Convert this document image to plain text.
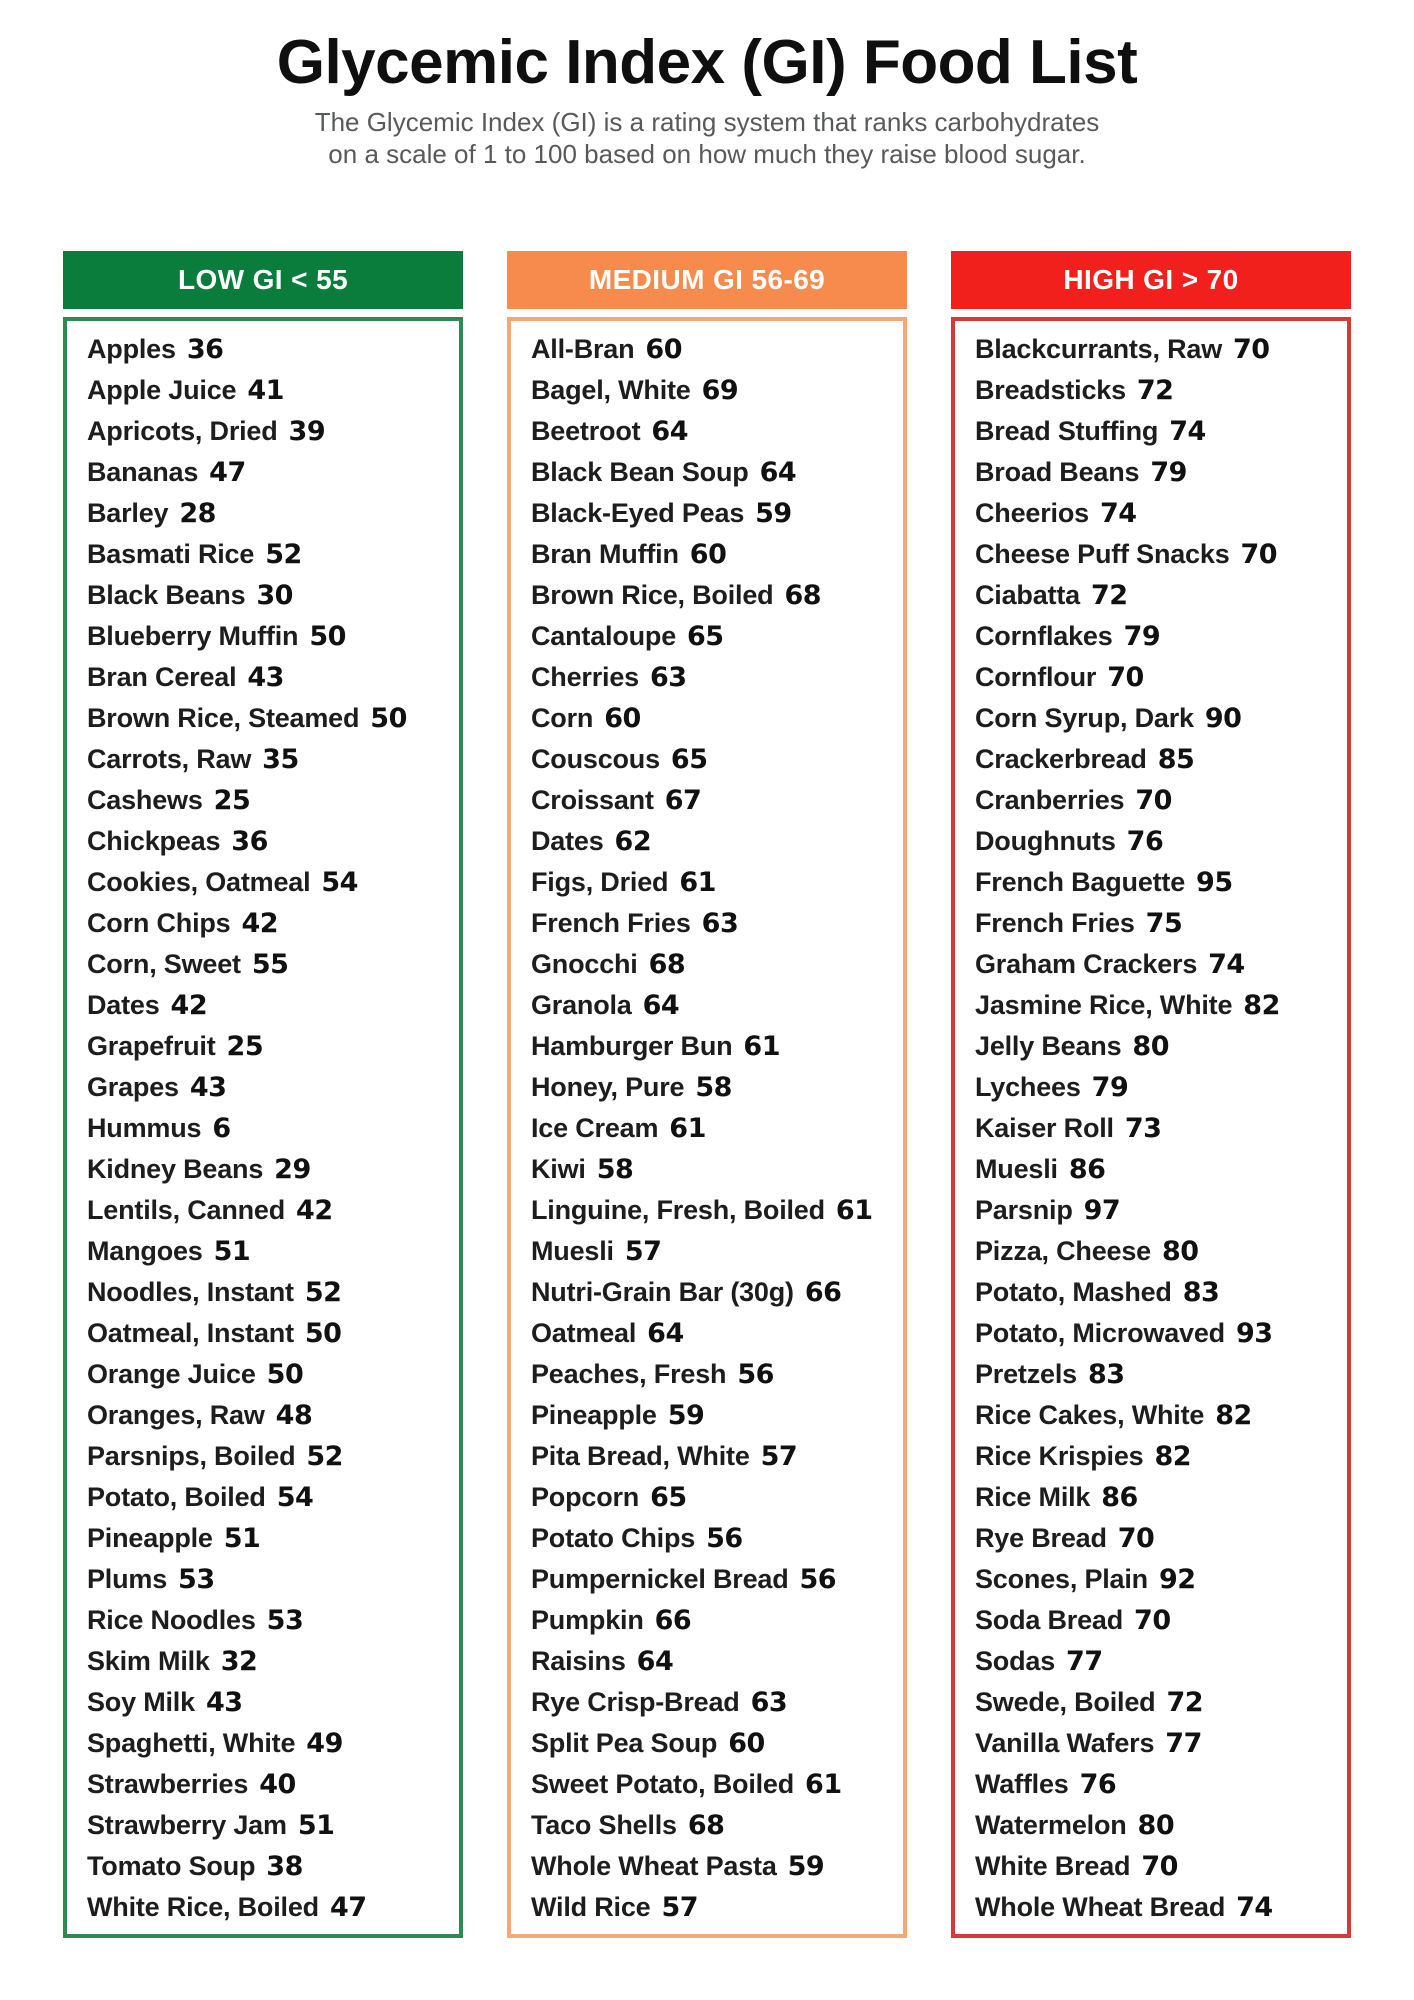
Glycemic Index (GI) Food List
The Glycemic Index (GI) is a rating system that ranks carbohydrates
on a scale of 1 to 100 based on how much they raise blood sugar.
LOW GI < 55
Apples 36
Apple Juice 41
Apricots, Dried 39
Bananas 47
Barley 28
Basmati Rice 52
Black Beans 30
Blueberry Muffin 50
Bran Cereal 43
Brown Rice, Steamed 50
Carrots, Raw 35
Cashews 25
Chickpeas 36
Cookies, Oatmeal 54
Corn Chips 42
Corn, Sweet 55
Dates 42
Grapefruit 25
Grapes 43
Hummus 6
Kidney Beans 29
Lentils, Canned 42
Mangoes 51
Noodles, Instant 52
Oatmeal, Instant 50
Orange Juice 50
Oranges, Raw 48
Parsnips, Boiled 52
Potato, Boiled 54
Pineapple 51
Plums 53
Rice Noodles 53
Skim Milk 32
Soy Milk 43
Spaghetti, White 49
Strawberries 40
Strawberry Jam 51
Tomato Soup 38
White Rice, Boiled 47
MEDIUM GI 56-69
All-Bran 60
Bagel, White 69
Beetroot 64
Black Bean Soup 64
Black-Eyed Peas 59
Bran Muffin 60
Brown Rice, Boiled 68
Cantaloupe 65
Cherries 63
Corn 60
Couscous 65
Croissant 67
Dates 62
Figs, Dried 61
French Fries 63
Gnocchi 68
Granola 64
Hamburger Bun 61
Honey, Pure 58
Ice Cream 61
Kiwi 58
Linguine, Fresh, Boiled 61
Muesli 57
Nutri-Grain Bar (30g) 66
Oatmeal 64
Peaches, Fresh 56
Pineapple 59
Pita Bread, White 57
Popcorn 65
Potato Chips 56
Pumpernickel Bread 56
Pumpkin 66
Raisins 64
Rye Crisp-Bread 63
Split Pea Soup 60
Sweet Potato, Boiled 61
Taco Shells 68
Whole Wheat Pasta 59
Wild Rice 57
HIGH GI > 70
Blackcurrants, Raw 70
Breadsticks 72
Bread Stuffing 74
Broad Beans 79
Cheerios 74
Cheese Puff Snacks 70
Ciabatta 72
Cornflakes 79
Cornflour 70
Corn Syrup, Dark 90
Crackerbread 85
Cranberries 70
Doughnuts 76
French Baguette 95
French Fries 75
Graham Crackers 74
Jasmine Rice, White 82
Jelly Beans 80
Lychees 79
Kaiser Roll 73
Muesli 86
Parsnip 97
Pizza, Cheese 80
Potato, Mashed 83
Potato, Microwaved 93
Pretzels 83
Rice Cakes, White 82
Rice Krispies 82
Rice Milk 86
Rye Bread 70
Scones, Plain 92
Soda Bread 70
Sodas 77
Swede, Boiled 72
Vanilla Wafers 77
Waffles 76
Watermelon 80
White Bread 70
Whole Wheat Bread 74
